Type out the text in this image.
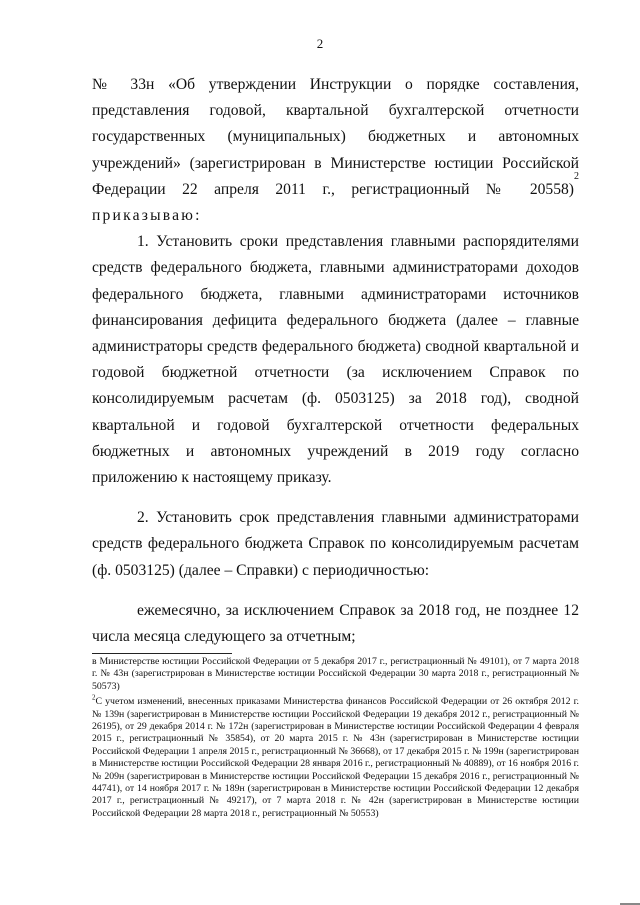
2

№ 33н «Об утверждении Инструкции о порядке составления,

представления годовой, квартальной бухгалтерской отчетности

государственных (муниципальных) бюджетных и автономных

учреждений» (зарегистрирован в Министерстве юстиции Российской

Федерации 22 апреля 2011 г., регистрационный № 20558)
2

приказываю:

1. Установить сроки представления главными распорядителями средств федерального бюджета, главными администраторами доходов федерального бюджета, главными администраторами источников финансирования дефицита федерального бюджета (далее – главные администраторы средств федерального бюджета) сводной квартальной и годовой бюджетной отчетности (за исключением Справок по консолидируемым расчетам (ф. 0503125) за 2018 год), сводной квартальной и годовой бухгалтерской отчетности федеральных бюджетных и автономных учреждений в 2019 году согласно приложению к настоящему приказу.

2. Установить срок представления главными администраторами средств федерального бюджета Справок по консолидируемым расчетам (ф. 0503125) (далее – Справки) с периодичностью:

ежемесячно, за исключением Справок за 2018 год, не позднее 12 числа месяца следующего за отчетным;

в Министерстве юстиции Российской Федерации от 5 декабря 2017 г., регистрационный № 49101), от 7 марта 2018 г. № 43н (зарегистрирован в Министерстве юстиции Российской Федерации 30 марта 2018 г., регистрационный № 50573)

$^2$С учетом изменений, внесенных приказами Министерства финансов Российской Федерации от 26 октября 2012 г. № 139н (зарегистрирован в Министерстве юстиции Российской Федерации 19 декабря 2012 г., регистрационный № 26195), от 29 декабря 2014 г. № 172н (зарегистрирован в Министерстве юстиции Российской Федерации 4 февраля 2015 г., регистрационный № 35854), от 20 марта 2015 г. № 43н (зарегистрирован в Министерстве юстиции Российской Федерации 1 апреля 2015 г., регистрационный № 36668), от 17 декабря 2015 г. № 199н (зарегистрирован в Министерстве юстиции Российской Федерации 28 января 2016 г., регистрационный № 40889), от 16 ноября 2016 г. № 209н (зарегистрирован в Министерстве юстиции Российской Федерации 15 декабря 2016 г., регистрационный № 44741), от 14 ноября 2017 г. № 189н (зарегистрирован в Министерстве юстиции Российской Федерации 12 декабря 2017 г., регистрационный № 49217), от 7 марта 2018 г. № 42н (зарегистрирован в Министерстве юстиции Российской Федерации 28 марта 2018 г., регистрационный № 50553)
